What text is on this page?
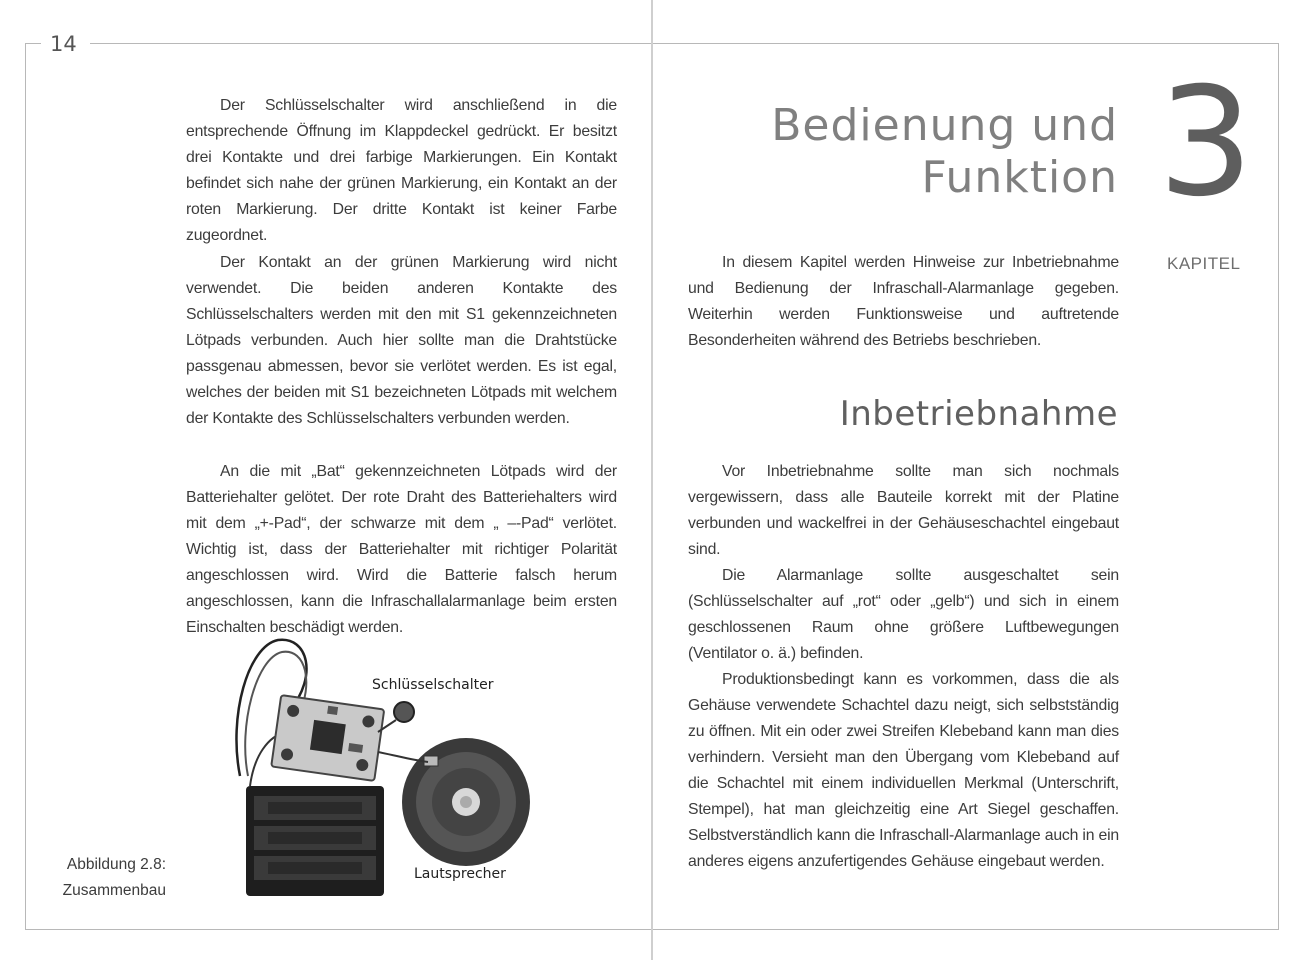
14

Der Schlüsselschalter wird anschließend in die entsprechende Öffnung im Klappdeckel gedrückt. Er besitzt drei Kontakte und drei farbige Markierungen. Ein Kontakt befindet sich nahe der grünen Markierung, ein Kontakt an der roten Markierung. Der dritte Kontakt ist keiner Farbe zugeordnet.

Der Kontakt an der grünen Markierung wird nicht verwendet. Die beiden anderen Kontakte des Schlüsselschalters werden mit den mit S1 gekennzeichneten Lötpads verbunden. Auch hier sollte man die Drahtstücke passgenau abmessen, bevor sie verlötet werden. Es ist egal, welches der beiden mit S1 bezeichneten Lötpads mit welchem der Kontakte des Schlüsselschalters verbunden werden.

An die mit „Bat“ gekennzeichneten Lötpads wird der Batteriehalter gelötet. Der rote Draht des Batteriehalters wird mit dem „+-Pad“, der schwarze mit dem „ –-Pad“ verlötet. Wichtig ist, dass der Batteriehalter mit richtiger Polarität angeschlossen wird. Wird die Batterie falsch herum angeschlossen, kann die Infraschallalarmanlage beim ersten Einschalten beschädigt werden.

Schlüsselschalter
Lautsprecher
Abbildung 2.8:
Zusammenbau
Bedienung und
Funktion 3
KAPITEL

In diesem Kapitel werden Hinweise zur Inbetriebnahme und Bedienung der Infraschall-Alarmanlage gegeben. Weiterhin werden Funktionsweise und auftretende Besonderheiten während des Betriebs beschrieben.

Inbetriebnahme

Vor Inbetriebnahme sollte man sich nochmals vergewissern, dass alle Bauteile korrekt mit der Platine verbunden und wackelfrei in der Gehäuseschachtel eingebaut sind.

Die Alarmanlage sollte ausgeschaltet sein (Schlüsselschalter auf „rot“ oder „gelb“) und sich in einem geschlossenen Raum ohne größere Luftbewegungen (Ventilator o. ä.) befinden.

Produktionsbedingt kann es vorkommen, dass die als Gehäuse verwendete Schachtel dazu neigt, sich selbstständig zu öffnen. Mit ein oder zwei Streifen Klebeband kann man dies verhindern. Versieht man den Übergang vom Klebeband auf die Schachtel mit einem individuellen Merkmal (Unterschrift, Stempel), hat man gleichzeitig eine Art Siegel geschaffen. Selbstverständlich kann die Infraschall-Alarmanlage auch in ein anderes eigens anzufertigendes Gehäuse eingebaut werden.
